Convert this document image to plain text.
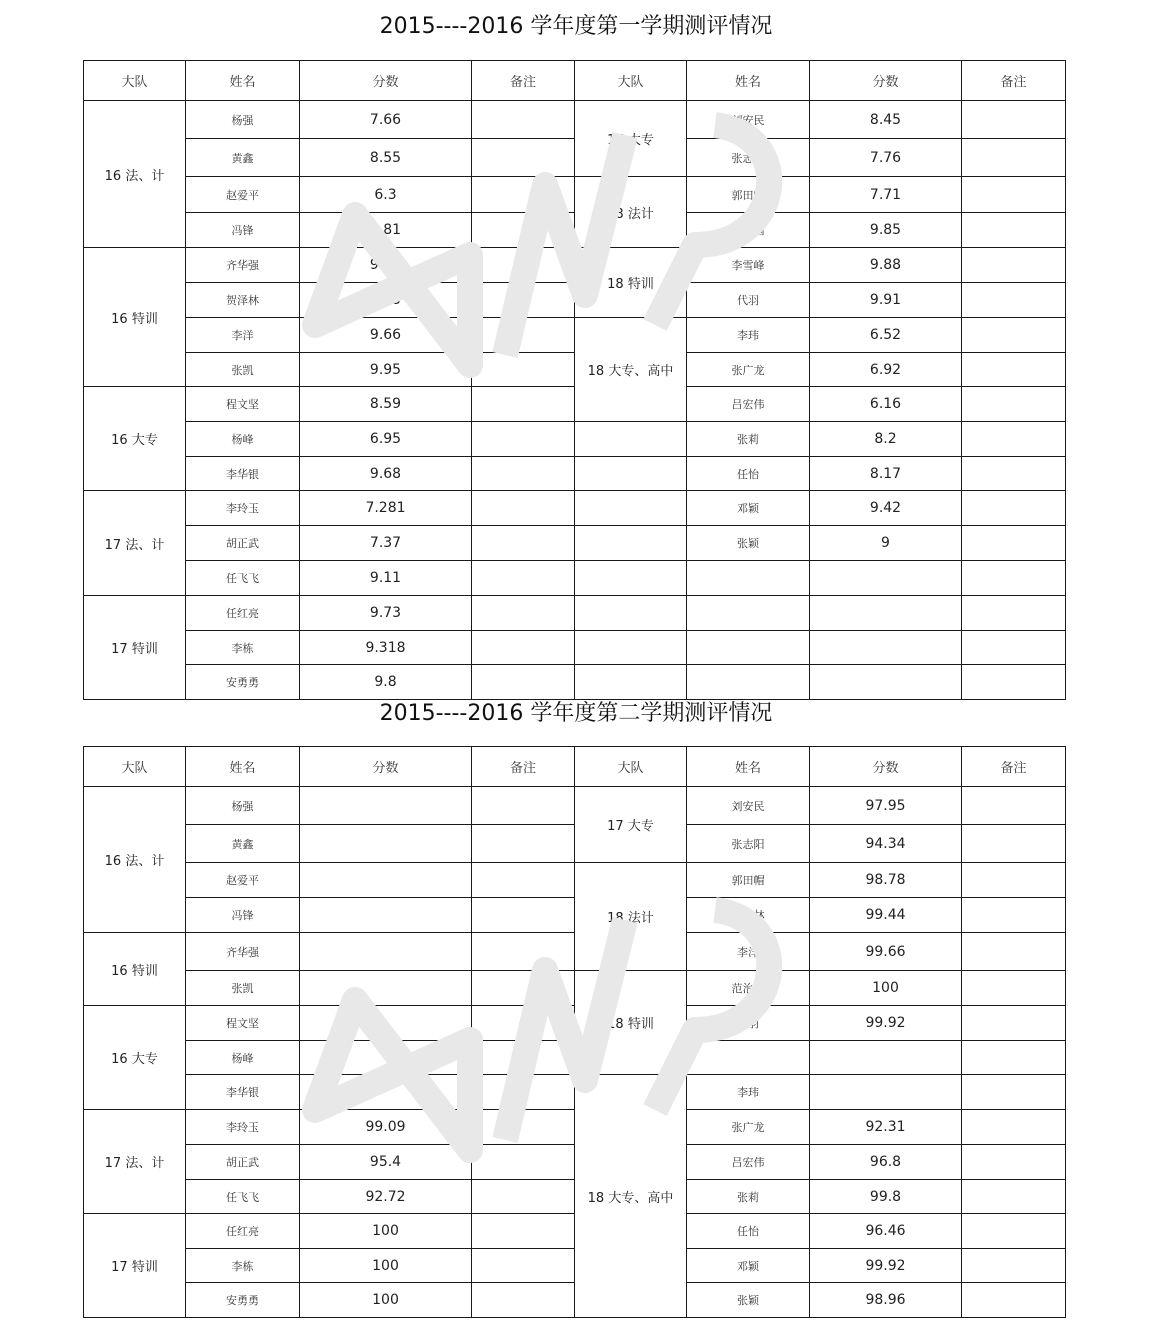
2015----2016 学年度第一学期测评情况
大队	姓名	分数	备注	大队	姓名	分数	备注
16 法、计	杨强	7.66		17 大专	刘安民	8.45	
	黄鑫	8.55			张志阳	7.76	
	赵爱平	6.3		18 法计	郭田帽	7.71	
	冯锋	6.81			范治国	9.85	
16 特训	齐华强	9.94		18 特训	李雪峰	9.88	
	贺泽林	9.85			代羽	9.91	
	李洋	9.66		18 大专、高中	李玮	6.52	
	张凯	9.95			张广龙	6.92	
16 大专	程文坚	8.59			吕宏伟	6.16	
	杨峰	6.95			张莉	8.2	
	李华银	9.68			任怡	8.17	
17 法、计	李玲玉	7.281			邓颖	9.42	
	胡正武	7.37			张颖	9	
	任飞飞	9.11					
17 特训	任红亮	9.73					
	李栋	9.318					
	安勇勇	9.8					
2015----2016 学年度第二学期测评情况
大队	姓名	分数	备注	大队	姓名	分数	备注
16 法、计	杨强			17 大专	刘安民	97.95	
	黄鑫				张志阳	94.34	
	赵爱平			18 法计	郭田帽	98.78	
	冯锋				贺泽林	99.44	
16 特训	齐华强				李洋	99.66	
	张凯			18 特训	范治国	100	
16 大专	程文坚				代羽	99.92	
	杨峰						
	李华银			18 大专、高中	李玮		
17 法、计	李玲玉	99.09			张广龙	92.31	
	胡正武	95.4			吕宏伟	96.8	
	任飞飞	92.72			张莉	99.8	
17 特训	任红亮	100			任怡	96.46	
	李栋	100			邓颖	99.92	
	安勇勇	100			张颖	98.96	
